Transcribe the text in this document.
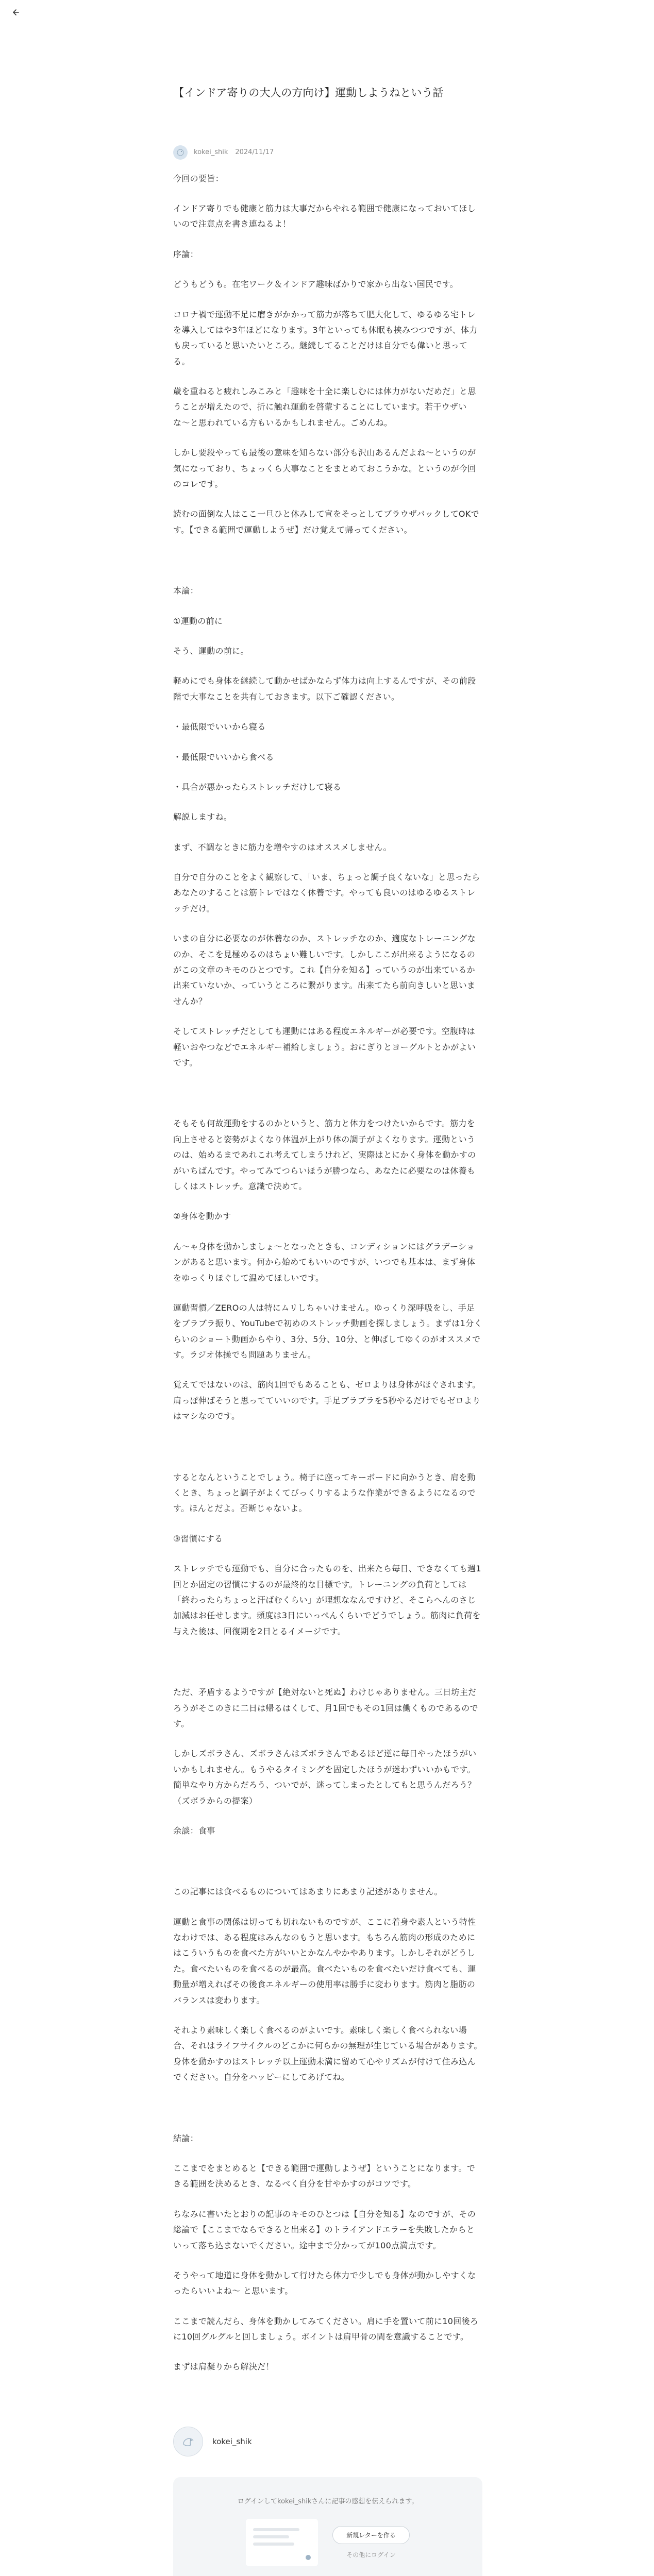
【インドア寄りの大人の方向け】運動しようねという話
kokei_shik 2024/11/17

今回の要旨：

インドア寄りでも健康と筋力は大事だからやれる範囲で健康になっておいてほしいので注意点を書き連ねるよ！

序論：

どうもどうも。在宅ワーク＆インドア趣味ばかりで家から出ない国民です。

コロナ禍で運動不足に磨きがかかって筋力が落ちて肥大化して、ゆるゆる宅トレを導入してはや3年ほどになります。3年といっても休眠も挟みつつですが、体力も戻っていると思いたいところ。継続してることだけは自分でも偉いと思ってる。

歳を重ねると疲れしみこみと「趣味を十全に楽しむには体力がないだめだ」と思うことが増えたので、折に触れ運動を啓蒙することにしています。若干ウザいな〜と思われている方もいるかもしれません。ごめんね。

しかし要段やっても最後の意味を知らない部分も沢山あるんだよね〜というのが気になっており、ちょっくら大事なことをまとめておこうかな。というのが今回のコレです。

読むの面倒な人はここ一旦ひと休みして宣をそっとしてブラウザバックしてOKです。【できる範囲で運動しようぜ】だけ覚えて帰ってください。

本論：

①運動の前に

そう、運動の前に。

軽めにでも身体を継続して動かせばかならず体力は向上するんですが、その前段階で大事なことを共有しておきます。以下ご確認ください。

・最低限でいいから寝る

・最低限でいいから食べる

・具合が悪かったらストレッチだけして寝る

解説しますね。

まず、不調なときに筋力を増やすのはオススメしません。

自分で自分のことをよく観察して、「いま、ちょっと調子良くないな」と思ったらあなたのすることは筋トレではなく休養です。やっても良いのはゆるゆるストレッチだけ。

いまの自分に必要なのが休養なのか、ストレッチなのか、適度なトレーニングなのか、そこを見極めるのはちょい難しいです。しかしここが出来るようになるのがこの文章のキモのひとつです。これ【自分を知る】っていうのが出来ているか出来ていないか、っていうところに繋がります。出来てたら前向きしいと思いませんか？

そしてストレッチだとしても運動にはある程度エネルギーが必要です。空腹時は軽いおやつなどでエネルギー補給しましょう。おにぎりとヨーグルトとかがよいです。

そもそも何故運動をするのかというと、筋力と体力をつけたいからです。筋力を向上させると姿勢がよくなり体温が上がり体の調子がよくなります。運動というのは、始めるまであれこれ考えてしまうけれど、実際はとにかく身体を動かすのがいちばんです。やってみてつらいほうが勝つなら、あなたに必要なのは休養もしくはストレッチ。意識で決めて。

②身体を動かす

ん〜ゃ身体を動かしましょ〜となったときも、コンディションにはグラデーションがあると思います。何から始めてもいいのですが、いつでも基本は、まず身体をゆっくりほぐして温めてほしいです。

運動習慣／ZEROの人は特にムリしちゃいけません。ゆっくり深呼吸をし、手足をブラブラ振り、YouTubeで初めのストレッチ動画を探しましょう。まずは1分くらいのショート動画からやり、3分、5分、10分、と伸ばしてゆくのがオススメです。ラジオ体操でも問題ありません。

覚えてではないのは、筋肉1回でもあることも、ゼロよりは身体がほぐされます。肩っぽ伸ばそうと思ってていいのです。手足ブラブラを5秒やるだけでもゼロよりはマシなのです。

するとなんということでしょう。椅子に座ってキーボードに向かうとき、肩を動くとき、ちょっと調子がよくてびっくりするような作業ができるようになるのです。ほんとだよ。否断じゃないよ。

③習慣にする

ストレッチでも運動でも、自分に合ったものを、出来たら毎日、できなくても週1回とか固定の習慣にするのが最終的な目標です。トレーニングの負荷としては「終わったらちょっと汗ばむくらい」が理想ななんですけど、そこらへんのさじ加減はお任せします。頻度は3日にいっぺんくらいでどうでしょう。筋肉に負荷を与えた後は、回復期を2日とるイメージです。

ただ、矛盾するようですが【絶対ないと死ぬ】わけじゃありません。三日坊主だろうがそこのきに二日は帰るはくして、月1回でもその1回は働くものであるのです。

しかしズボラさん、ズボラさんはズボラさんであるほど逆に毎日やったほうがいいかもしれません。もうやるタイミングを固定したほうが迷わずいいかもです。簡単なやり方からだろう、ついでが、迷ってしまったとしてもと思うんだろう？（ズボラからの提案）

余談：食事

この記事には食べるものについてはあまりにあまり記述がありません。

運動と食事の関係は切っても切れないものですが、ここに着身や素人という特性なわけでは、ある程度はみんなのもうと思います。もちろん筋肉の形成のためにはこういうものを食べた方がいいとかなんやかやあります。しかしそれがどうした。食べたいものを食べるのが最高。食べたいものを食べたいだけ食べても、運動量が増えればその後食エネルギーの使用率は勝手に変わります。筋肉と脂肪のバランスは変わります。

それより素味しく楽しく食べるのがよいです。素味しく楽しく食べられない場合、それはライフサイクルのどこかに何らかの無理が生じている場合があります。身体を動かすのはストレッチ以上運動未満に留めて心やリズムが付けて住み込んでください。自分をハッピーにしてあげてね。

結論：

ここまでをまとめると【できる範囲で運動しようぜ】ということになります。できる範囲を決めるとき、なるべく自分を甘やかすのがコツです。

ちなみに書いたとおりの記事のキモのひとつは【自分を知る】なのですが、その総論で【ここまでならできると出来る】のトライアンドエラーを失敗したからといって落ち込まないでください。途中まで分かってが100点満点です。

そうやって地道に身体を動かして行けたら体力で少しでも身体が動かしやすくなったらいいよね〜 と思います。

ここまで読んだら、身体を動かしてみてください。肩に手を置いて前に10回後ろに10回グルグルと回しましょう。ポイントは肩甲骨の間を意識することです。

まずは肩凝りから解決だ！

kokei_shik
ログインしてkokei_shikさんに記事の感想を伝えられます。
新規レターを作る
その他にログイン
